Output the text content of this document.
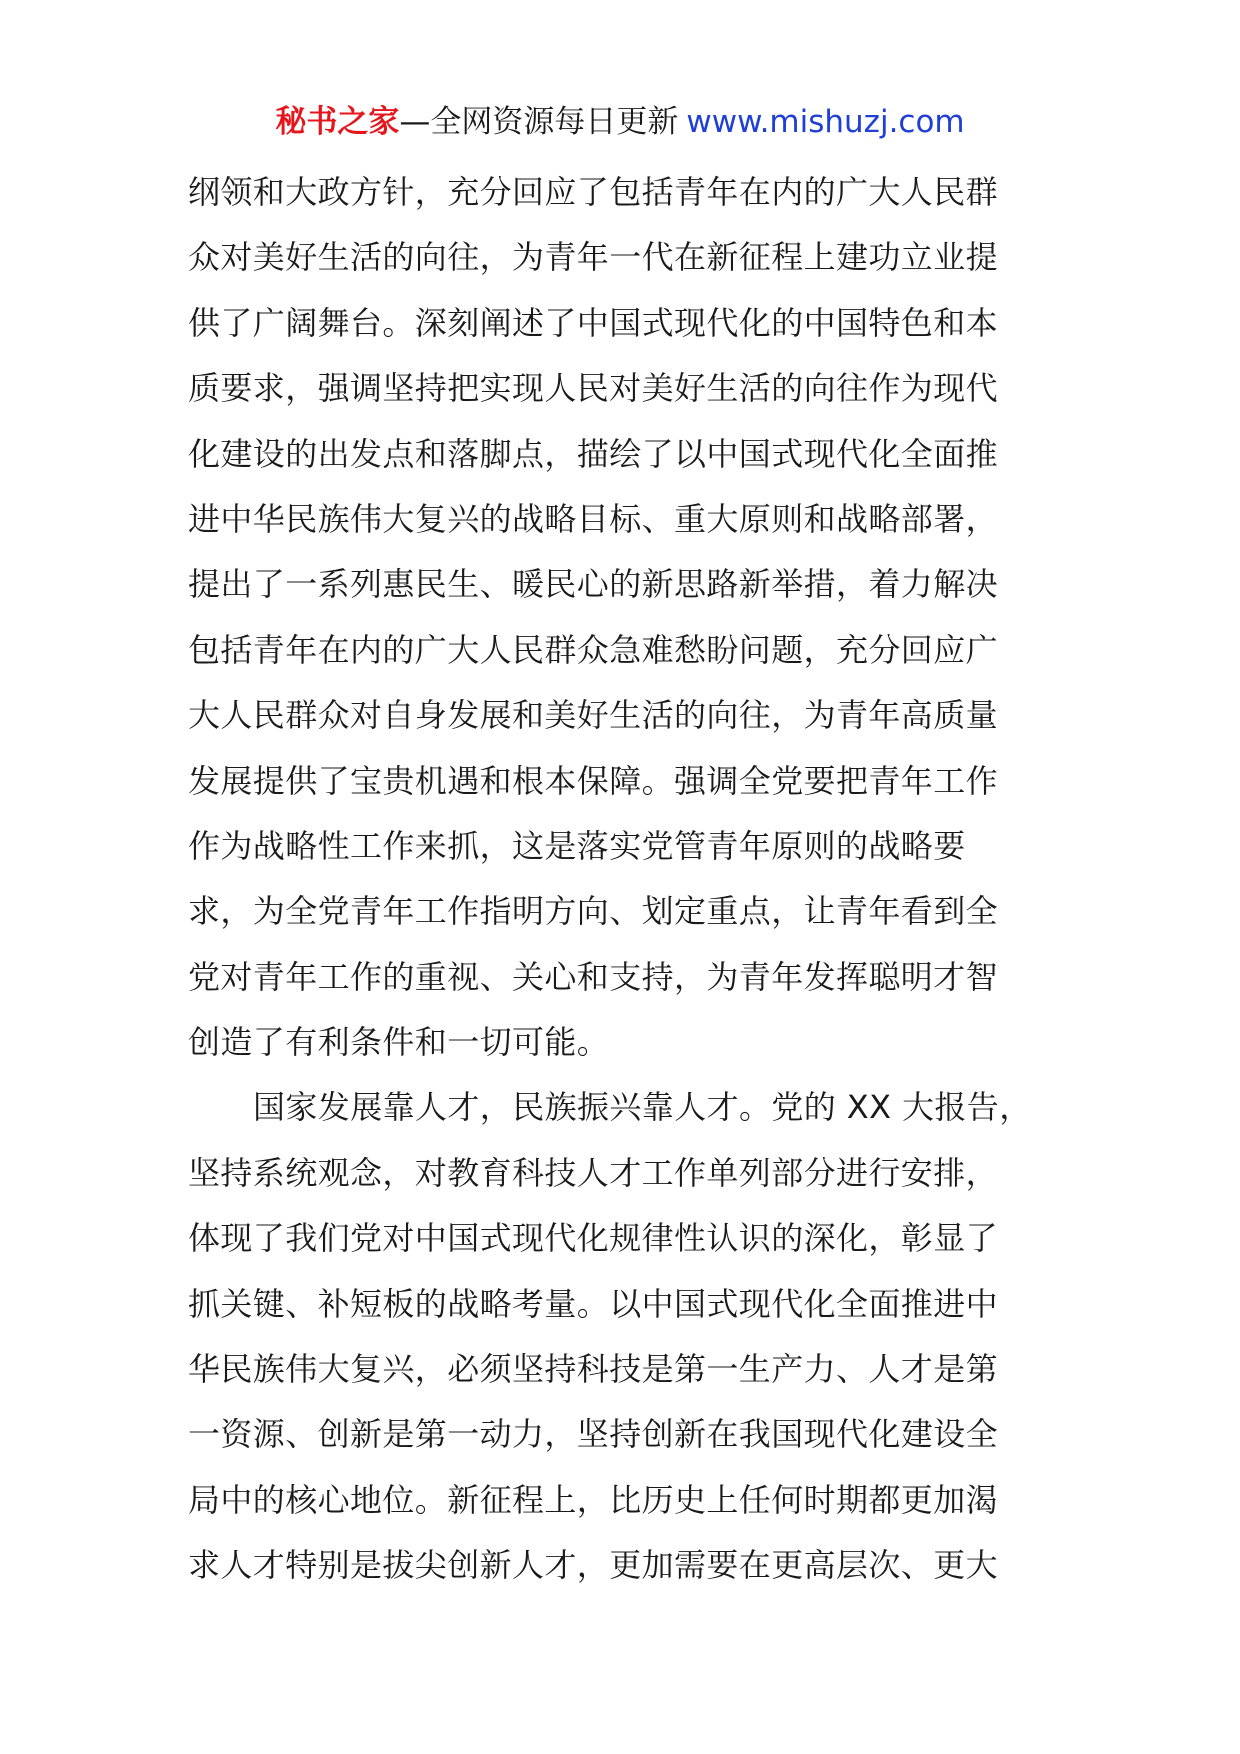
秘书之家—全网资源每日更新 www.mishuzj.com
纲领和大政方针，充分回应了包括青年在内的广大人民群
众对美好生活的向往，为青年一代在新征程上建功立业提
供了广阔舞台。深刻阐述了中国式现代化的中国特色和本
质要求，强调坚持把实现人民对美好生活的向往作为现代
化建设的出发点和落脚点，描绘了以中国式现代化全面推
进中华民族伟大复兴的战略目标、重大原则和战略部署，
提出了一系列惠民生、暖民心的新思路新举措，着力解决
包括青年在内的广大人民群众急难愁盼问题，充分回应广
大人民群众对自身发展和美好生活的向往，为青年高质量
发展提供了宝贵机遇和根本保障。强调全党要把青年工作
作为战略性工作来抓，这是落实党管青年原则的战略要
求，为全党青年工作指明方向、划定重点，让青年看到全
党对青年工作的重视、关心和支持，为青年发挥聪明才智
创造了有利条件和一切可能。
国家发展靠人才，民族振兴靠人才。党的 XX 大报告，
坚持系统观念，对教育科技人才工作单列部分进行安排，
体现了我们党对中国式现代化规律性认识的深化，彰显了
抓关键、补短板的战略考量。以中国式现代化全面推进中
华民族伟大复兴，必须坚持科技是第一生产力、人才是第
一资源、创新是第一动力，坚持创新在我国现代化建设全
局中的核心地位。新征程上，比历史上任何时期都更加渴
求人才特别是拔尖创新人才，更加需要在更高层次、更大
